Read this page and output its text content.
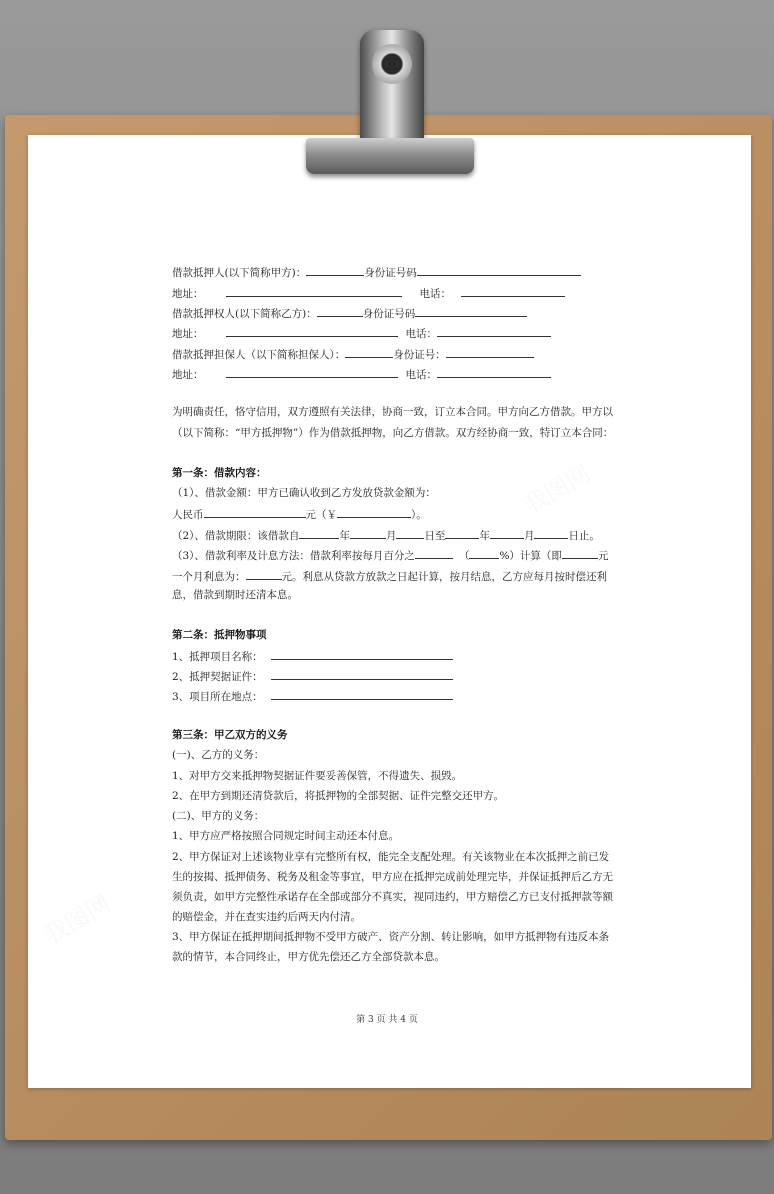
我图网
我图网
借款抵押人(以下简称甲方)：	身份证号码
地址：	电话：
借款抵押权人(以下简称乙方)：	身份证号码
地址：	电话：
借款抵押担保人（以下简称担保人）：	身份证号：
地址：	电话：
为明确责任，恪守信用，双方遵照有关法律，协商一致，订立本合同。甲方向乙方借款。甲方以
（以下简称：“甲方抵押物”）作为借款抵押物，向乙方借款。双方经协商一致，特订立本合同：
第一条：借款内容：
（1）、借款金额：甲方已确认收到乙方发放贷款金额为：
人民币	元（￥	）。
（2）、借款期限：该借款自	年	月	日至	年	月	日止。
（3）、借款利率及计息方法：借款利率按每月百分之	（	%）计算（即	元
一个月利息为：	元。利息从贷款方放款之日起计算，按月结息，乙方应每月按时偿还利
息，借款到期时还清本息。
第二条：抵押物事项
1、抵押项目名称：
2、抵押契据证件：
3、项目所在地点：
第三条：甲乙双方的义务
(一)、乙方的义务：
1、对甲方交来抵押物契据证件要妥善保管，不得遗失、损毁。
2、在甲方到期还清贷款后，将抵押物的全部契据、证件完整交还甲方。
(二)、甲方的义务：
1、甲方应严格按照合同规定时间主动还本付息。
2、甲方保证对上述该物业享有完整所有权，能完全支配处理。有关该物业在本次抵押之前已发
生的按揭、抵押债务、税务及租金等事宜，甲方应在抵押完成前处理完毕，并保证抵押后乙方无
须负责，如甲方完整性承诺存在全部或部分不真实，视同违约，甲方赔偿乙方已支付抵押款等额
的赔偿金，并在查实违约后两天内付清。
3、甲方保证在抵押期间抵押物不受甲方破产、资产分割、转让影响，如甲方抵押物有违反本条
款的情节，本合同终止，甲方优先偿还乙方全部贷款本息。
第 3 页 共 4 页
